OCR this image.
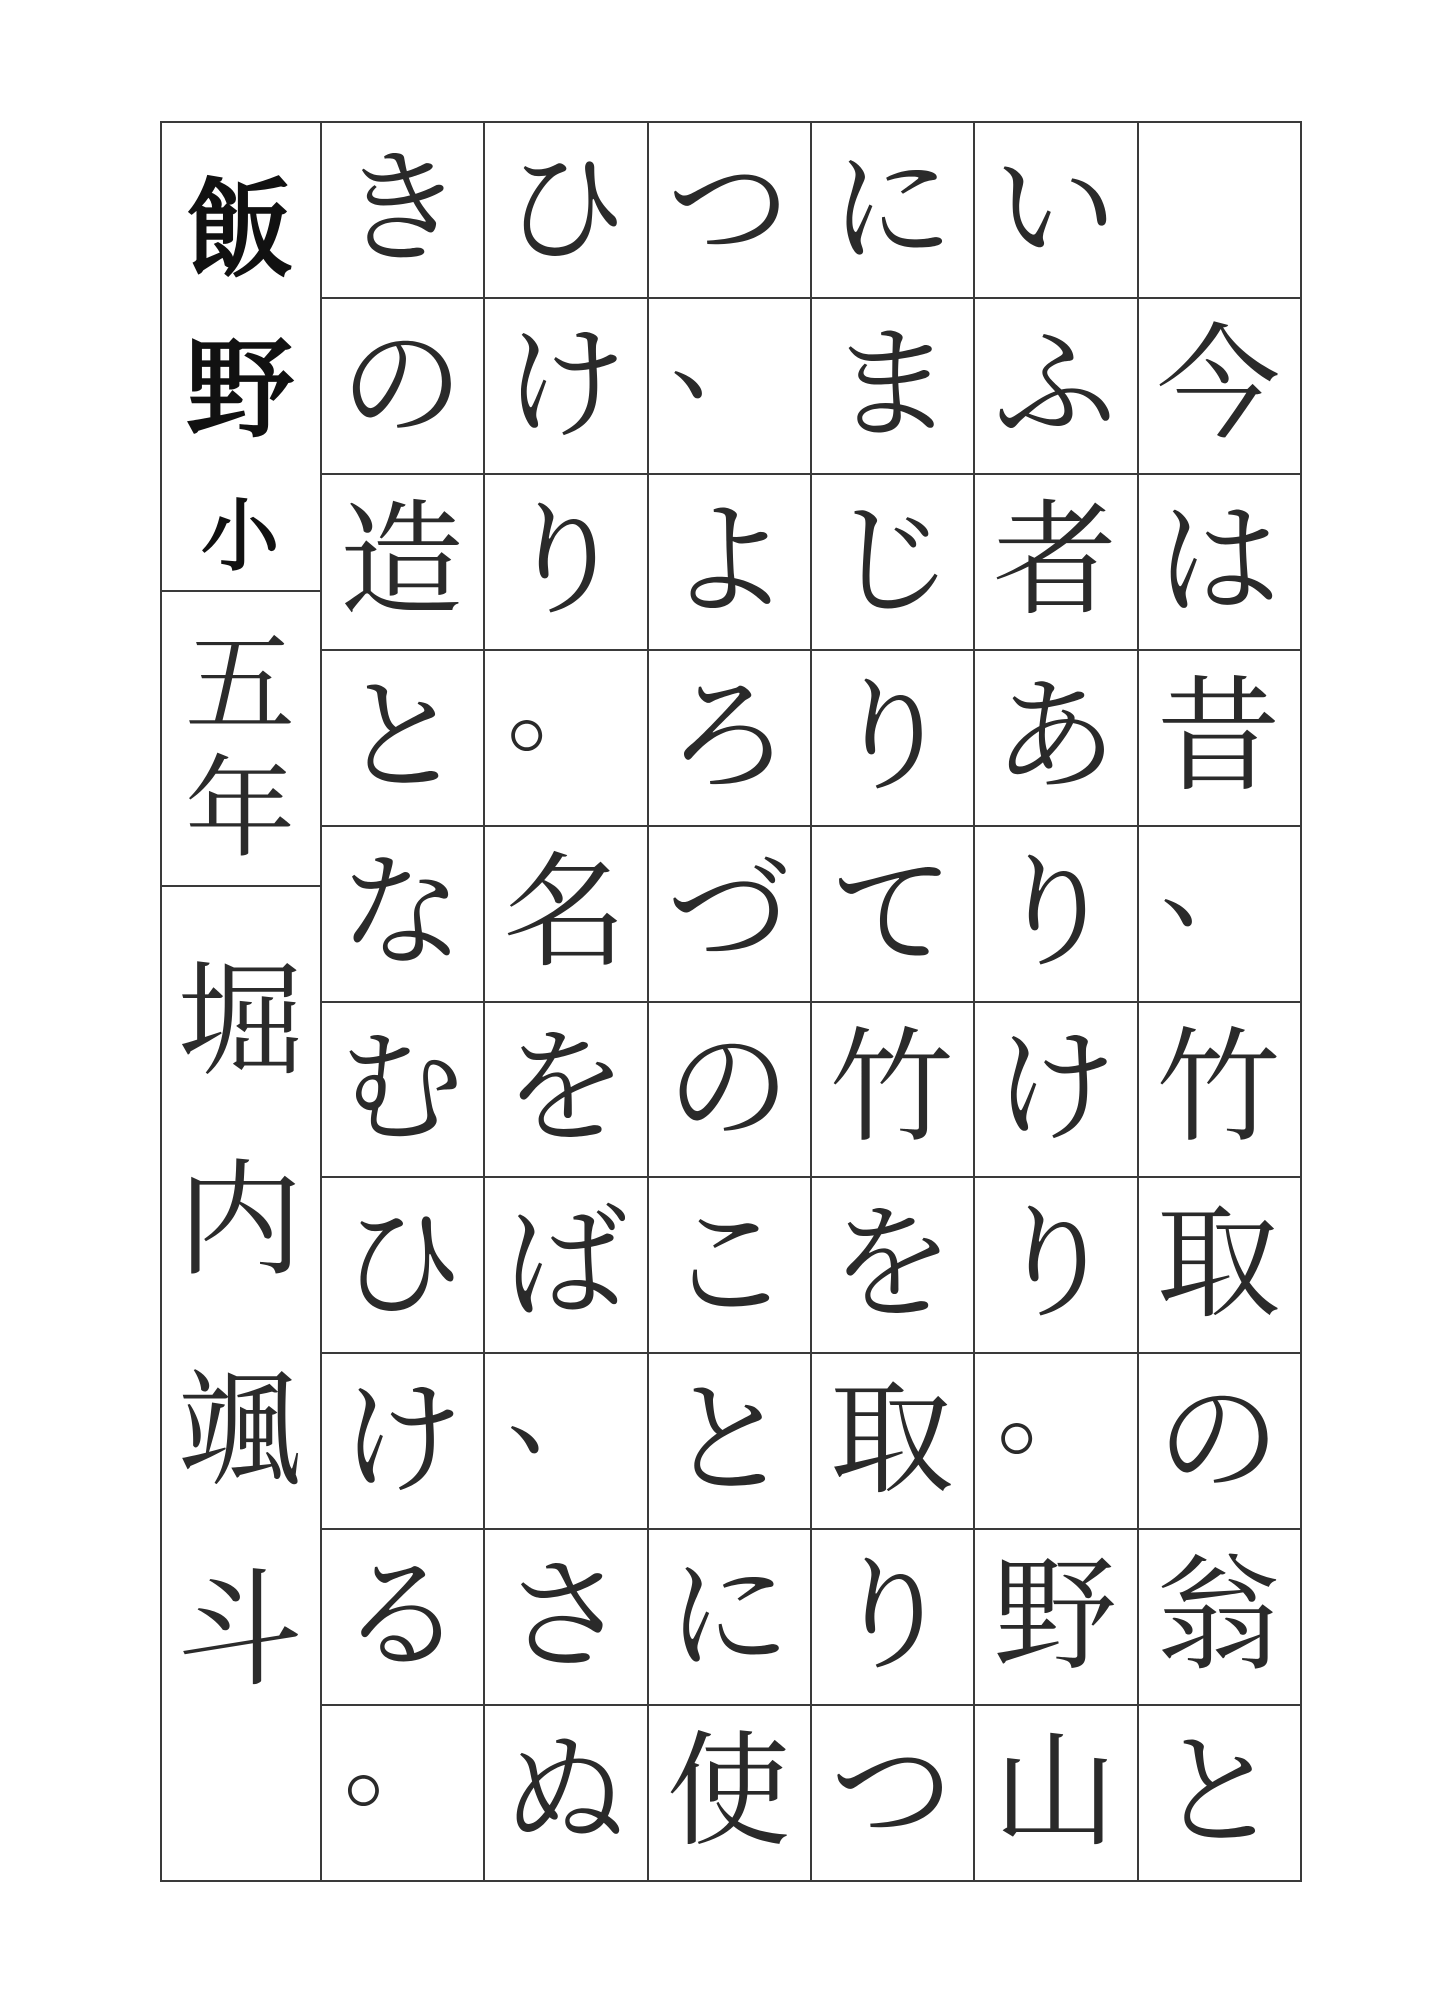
飯
野
小
五
年
堀
内
颯
斗
今
は
昔
、
竹
取
の
翁
と
い
ふ
者
あ
り
け
り
。
野
山
に
ま
じ
り
て
竹
を
取
り
つ
つ
、
よ
ろ
づ
の
こ
と
に
使
ひ
け
り
。
名
を
ば
、
さ
ぬ
き
の
造
と
な
む
ひ
け
る
。
